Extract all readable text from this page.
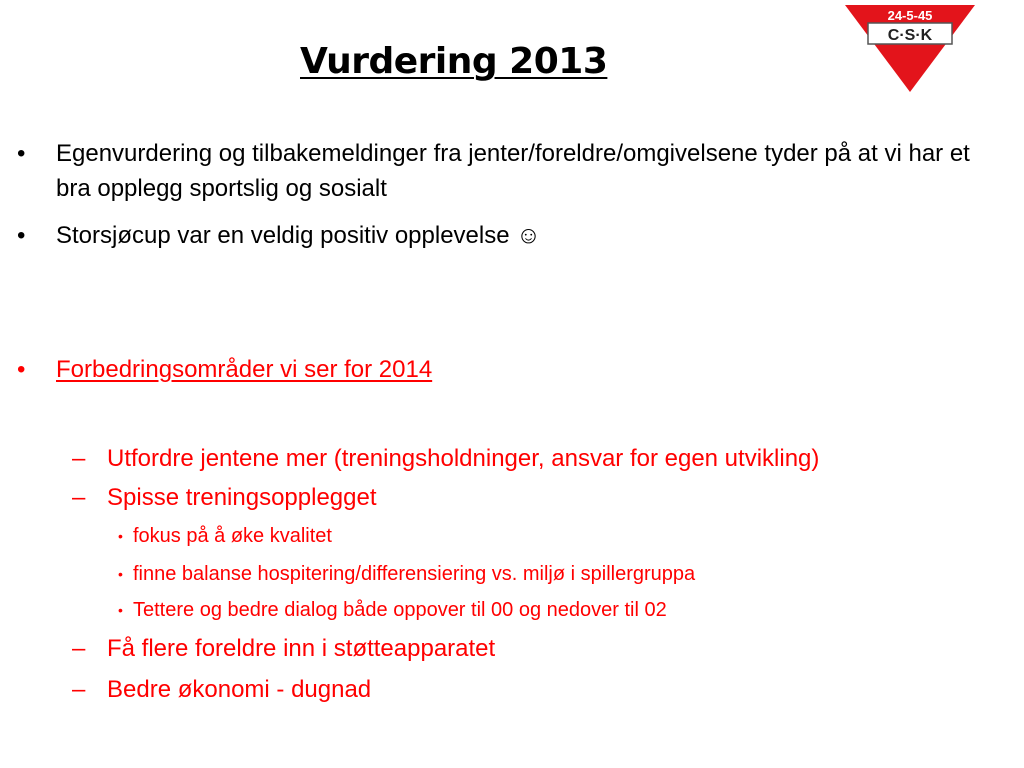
Vurdering 2013
24-5-45
C·S·K
• Egenvurdering og tilbakemeldinger fra jenter/foreldre/omgivelsene tyder på at vi har et bra opplegg sportslig og sosialt
• Storsjøcup var en veldig positiv opplevelse ☺
• Forbedringsområder vi ser for 2014
– Utfordre jentene mer (treningsholdninger, ansvar for egen utvikling)
– Spisse treningsopplegget
• fokus på å øke kvalitet
• finne balanse hospitering/differensiering vs. miljø i spillergruppa
• Tettere og bedre dialog både oppover til 00 og nedover til 02
– Få flere foreldre inn i støtteapparatet
– Bedre økonomi - dugnad
